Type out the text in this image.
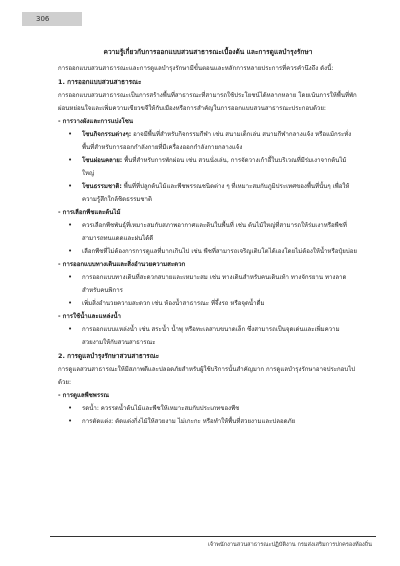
306

ความรู้เกี่ยวกับการออกแบบสวนสาธารณะเบื้องต้น และการดูแลบำรุงรักษา

การออกแบบสวนสาธารณะและการดูแลบำรุงรักษามีขั้นตอนและหลักการหลายประการที่ควรคำนึงถึง ดังนี้:

1. การออกแบบสวนสาธารณะ

การออกแบบสวนสาธารณะเป็นการสร้างพื้นที่สาธารณะที่สามารถใช้ประโยชน์ได้หลากหลาย โดยเน้นการให้พื้นที่พักผ่อนหย่อนใจและเพิ่มความเขียวขจีให้กับเมืองหรือการสำคัญในการออกแบบสวนสาธารณะประกอบด้วย:

- การวางผังและการแบ่งโซน

• โซนกิจกรรมต่างๆ: อาจมีพื้นที่สำหรับกิจกรรมกีฬา เช่น สนามเด็กเล่น สนามกีฬากลางแจ้ง หรือแม้กระทั่งพื้นที่สำหรับการออกกำลังกายที่มีเครื่องออกกำลังกายกลางแจ้ง
• โซนผ่อนคลาย: พื้นที่สำหรับการพักผ่อน เช่น สวนนั่งเล่น, การจัดวางเก้าอี้ในบริเวณที่มีร่มเงาจากต้นไม้ใหญ่
• โซนธรรมชาติ: พื้นที่ที่ปลูกต้นไม้และพืชพรรณชนิดต่าง ๆ ที่เหมาะสมกับภูมิประเทศของพื้นที่นั้นๆ เพื่อให้ความรู้สึกใกล้ชิดธรรมชาติ

- การเลือกพืชและต้นไม้

• ควรเลือกพืชพันธุ์ที่เหมาะสมกับสภาพอากาศและดินในพื้นที่ เช่น ต้นไม้ใหญ่ที่สามารถให้ร่มเงาหรือพืชที่สามารถทนแดดและฝนได้ดี
• เลือกพืชที่ไม่ต้องการการดูแลที่มากเกินไป เช่น พืชที่สามารถเจริญเติบโตได้เองโดยไม่ต้องให้น้ำหรือปุ๋ยบ่อย

- การออกแบบทางเดินและสิ่งอำนวยความสะดวก

• การออกแบบทางเดินที่สะดวกสบายและเหมาะสม เช่น ทางเดินสำหรับคนเดินเท้า ทางจักรยาน ทางลาดสำหรับคนพิการ
• เพิ่มสิ่งอำนวยความสะดวก เช่น ห้องน้ำสาธารณะ ที่จึ้งรถ หรือจุดน้ำดื่ม

- การใช้น้ำและแหล่งน้ำ

• การออกแบบแหล่งน้ำ เช่น สระน้ำ น้ำพุ หรือทะเลสาบขนาดเล็ก ซึ่งสามารถเป็นจุดเด่นและเพิ่มความสวยงามให้กับสวนสาธารณะ

2. การดูแลบำรุงรักษาสวนสาธารณะ

การดูแลสวนสาธารณะให้มีสภาพดีและปลอดภัยสำหรับผู้ใช้บริการนั้นสำคัญมาก การดูแลบำรุงรักษาอาจประกอบไปด้วย:

- การดูแลพืชพรรณ

• รดน้ำ: ควรรดน้ำต้นไม้และพืชให้เหมาะสมกับประเภทของพืช
• การตัดแต่ง: ตัดแต่งกิ่งไม้ให้สวยงาม ไม่เกะกะ หรือทำให้พื้นที่สวยงามและปลอดภัย
เจ้าพนักงานสวนสาธารณะปฏิบัติงาน กรมส่งเสริมการปกครองท้องถิ่น
